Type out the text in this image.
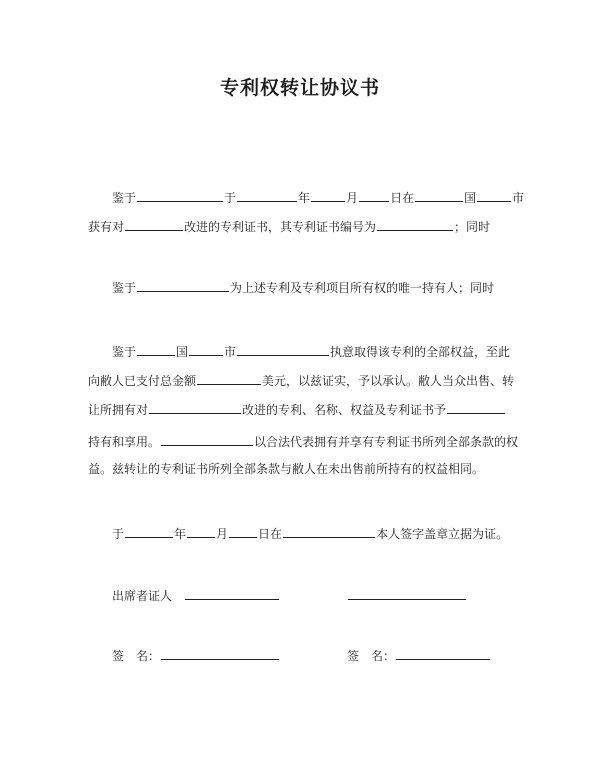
专利权转让协议书
鉴于	于	年	月	日在	国	市
获有对	改进的专利证书，其专利证书编号为	；同时
鉴于	为上述专利及专利项目所有权的唯一持有人；同时
鉴于	国	市	执意取得该专利的全部权益，至此
向敝人已支付总金额	美元，以兹证实，予以承认。敝人当众出售、转
让所拥有对	改进的专利、名称、权益及专利证书予
持有和享用。	以合法代表拥有并享有专利证书所列全部条款的权
益。兹转让的专利证书所列全部条款与敝人在未出售前所持有的权益相同。
于	年	月	日在	本人签字盖章立据为证。
出席者证人
签　名：	签　名：
